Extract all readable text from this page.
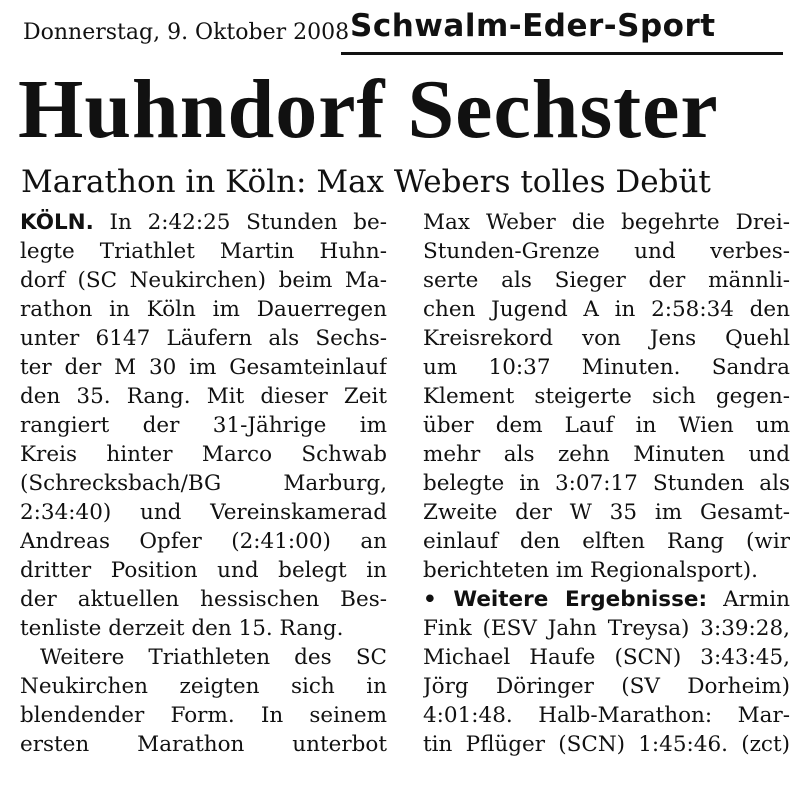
Donnerstag, 9. Oktober 2008 Schwalm-Eder-Sport
Huhndorf Sechster
Marathon in Köln: Max Webers tolles Debüt
KÖLN. In 2:42:25 Stunden be-
legte Triathlet Martin Huhn-
dorf (SC Neukirchen) beim Ma-
rathon in Köln im Dauerregen
unter 6147 Läufern als Sechs-
ter der M 30 im Gesamteinlauf
den 35. Rang. Mit dieser Zeit
rangiert der 31-Jährige im
Kreis hinter Marco Schwab
(Schrecksbach/BG Marburg,
2:34:40) und Vereinskamerad
Andreas Opfer (2:41:00) an
dritter Position und belegt in
der aktuellen hessischen Bes-
tenliste derzeit den 15. Rang.
Weitere Triathleten des SC
Neukirchen zeigten sich in
blendender Form. In seinem
ersten Marathon unterbot
Max Weber die begehrte Drei-
Stunden-Grenze und verbes-
serte als Sieger der männli-
chen Jugend A in 2:58:34 den
Kreisrekord von Jens Quehl
um 10:37 Minuten. Sandra
Klement steigerte sich gegen-
über dem Lauf in Wien um
mehr als zehn Minuten und
belegte in 3:07:17 Stunden als
Zweite der W 35 im Gesamt-
einlauf den elften Rang (wir
berichteten im Regionalsport).
• Weitere Ergebnisse: Armin
Fink (ESV Jahn Treysa) 3:39:28,
Michael Haufe (SCN) 3:43:45,
Jörg Döringer (SV Dorheim)
4:01:48. Halb-Marathon: Mar-
tin Pflüger (SCN) 1:45:46. (zct)
